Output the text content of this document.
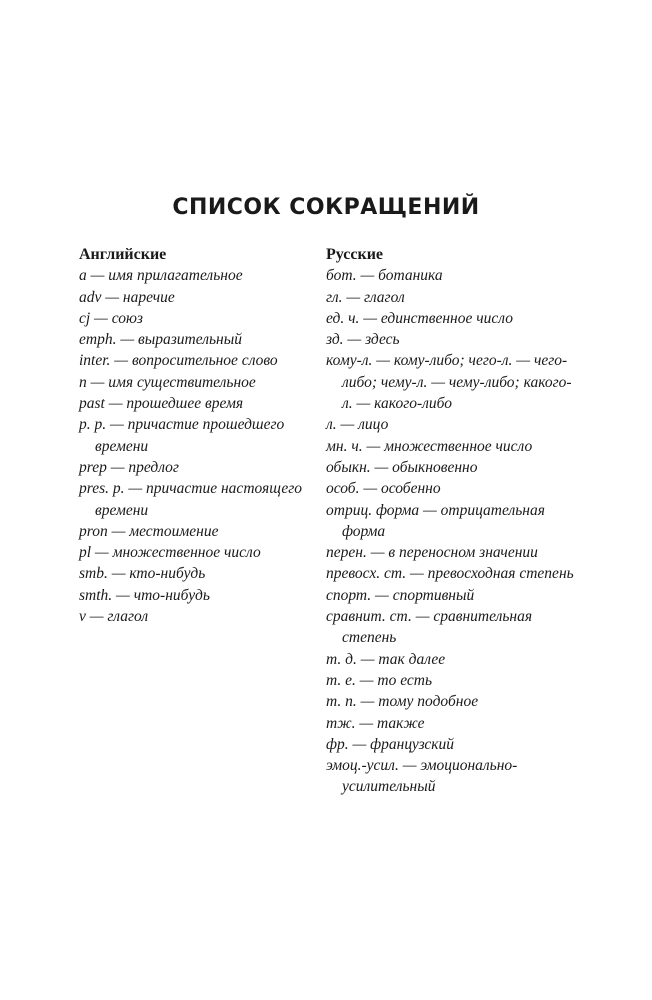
СПИСОК СОКРАЩЕНИЙ

Английские

a — имя прилагательное
adv — наречие
cj — союз
emph. — выразительный
inter. — вопросительное слово
n — имя существительное
past — прошедшее время
p. p. — причастие прошедшего времени
prep — предлог
pres. p. — причастие настоящего времени
pron — местоимение
pl — множественное число
smb. — кто-нибудь
smth. — что-нибудь
v — глагол

Русские

бот. — ботаника
гл. — глагол
ед. ч. — единственное число
зд. — здесь
кому-л. — кому-либо; чего-л. — чего-либо; чему-л. — чему-либо; какого-л. — какого-либо
л. — лицо
мн. ч. — множественное число
обыкн. — обыкновенно
особ. — особенно
отриц. форма — отрицательная форма
перен. — в переносном значении
превосх. ст. — превосходная степень
спорт. — спортивный
сравнит. ст. — сравнительная степень
т. д. — так далее
т. е. — то есть
т. п. — тому подобное
тж. — также
фр. — французский
эмоц.-усил. — эмоционально-усилительный
